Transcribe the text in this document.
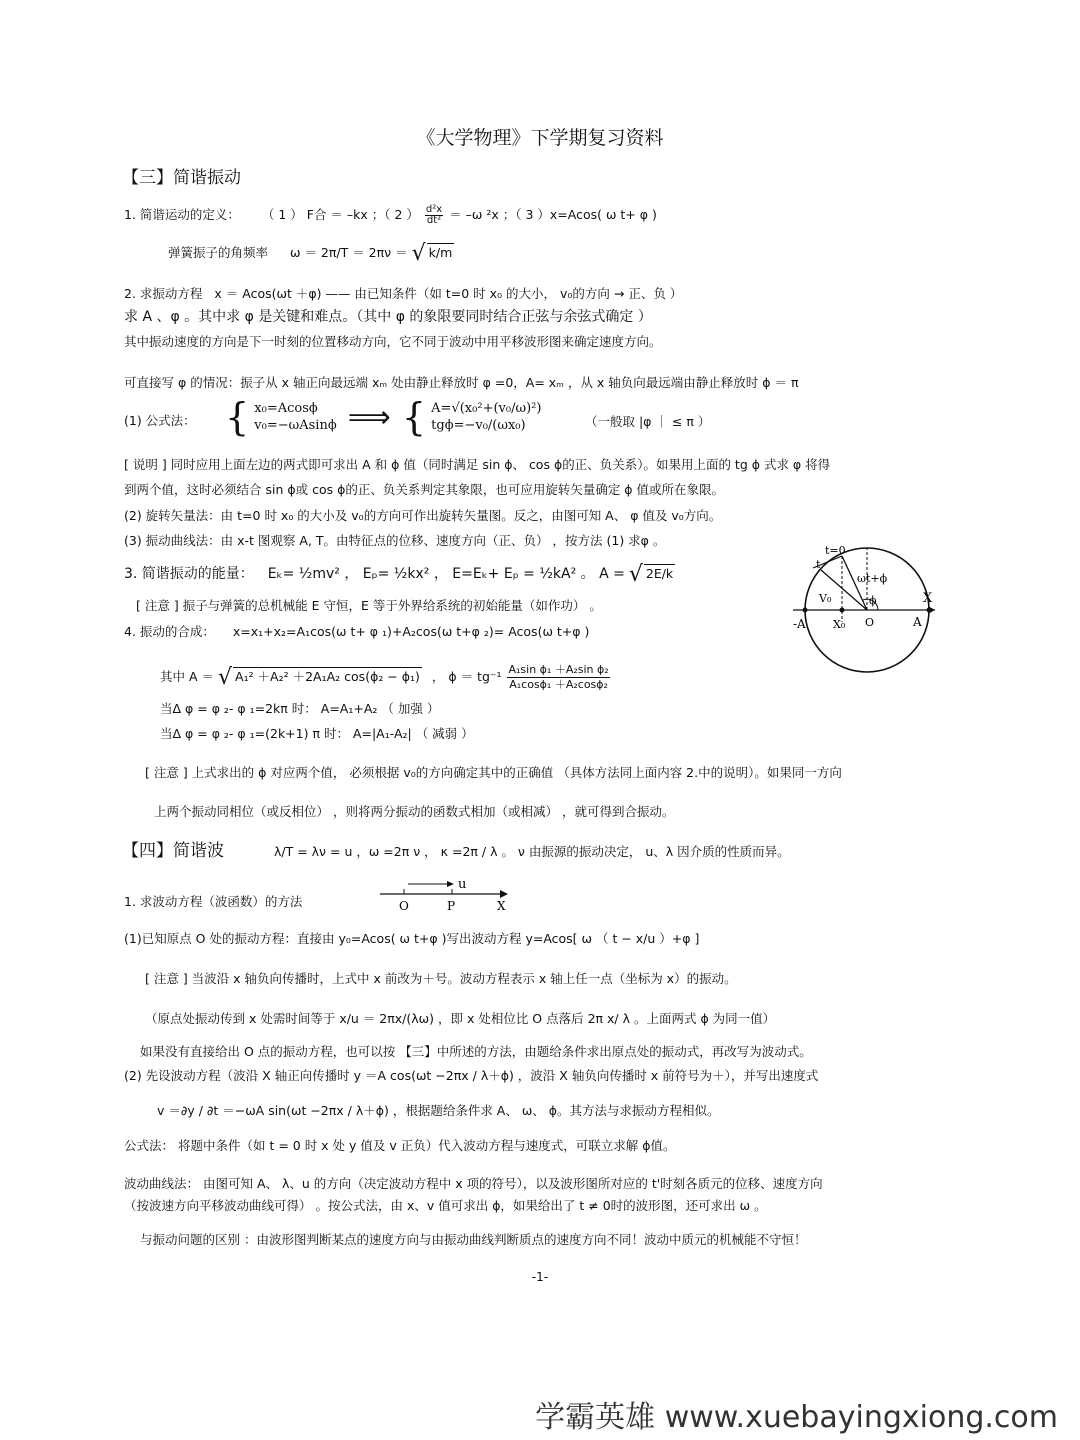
《大学物理》下学期复习资料
【三】简谐振动
1. 简谐运动的定义： （ 1 ） F合 ＝ –kx ；（ 2 ） $\frac{\text{d²x}}{\text{dt²}} = -\omega$ ²x ；（ 3 ）x=Acos( ω t+ φ )
弹簧振子的角频率 ω ＝ 2π/T ＝ 2πν ＝ √ k/m
2. 求振动方程 x ＝ Acos(ωt ＋φ) —— 由已知条件（如 t=0 时 x₀ 的大小， v₀的方向 → 正、负 ）
求 A 、φ 。其中求 φ 是关键和难点。（其中 φ 的象限要同时结合正弦与余弦式确定 ）
其中振动速度的方向是下一时刻的位置移动方向，它不同于波动中用平移波形图来确定速度方向。
可直接写 φ 的情况：振子从 x 轴正向最远端 xₘ 处由静止释放时 φ =0，A= xₘ ，从 x 轴负向最远端由静止释放时 ϕ ＝ π
(1) 公式法： { x₀=Acosϕ
v₀=−ωAsinϕ ⟹ { A=√(x₀²+(v₀/ω)²)
tgϕ=−v₀/(ωx₀)	（一般取 |φ ｜ ≤ π ）
[ 说明 ] 同时应用上面左边的两式即可求出 A 和 ϕ 值（同时满足 sin ϕ、 cos ϕ的正、负关系）。如果用上面的 tg ϕ 式求 φ 将得
到两个值，这时必须结合 sin ϕ或 cos ϕ的正、负关系判定其象限，也可应用旋转矢量确定 ϕ 值或所在象限。
(2) 旋转矢量法：由 t=0 时 x₀ 的大小及 v₀的方向可作出旋转矢量图。反之，由图可知 A、 φ 值及 v₀方向。
(3) 振动曲线法：由 x-t 图观察 A, T。由特征点的位移、速度方向（正、负） ，按方法 (1) 求φ 。
3. 简谐振动的能量： Eₖ= ½mv² ， Eₚ= ½kx² ， E=Eₖ+ Eₚ = ½kA² 。 A = √ 2E/k
[ 注意 ] 振子与弹簧的总机械能 E 守恒，E 等于外界给系统的初始能量（如作功） 。
4. 振动的合成： x=x₁+x₂=A₁cos(ω t+ φ ₁)+A₂cos(ω t+φ ₂)= Acos(ω t+φ )
其中 A ＝ √ A₁² ＋A₂² ＋2A₁A₂ cos(ϕ₂ − ϕ₁) ， $\phi = tg^{-1} \frac{\text{A₁sin ϕ₁ ＋A₂sin ϕ₂}}{\text{A₁cosϕ₁ ＋A₂cosϕ₂}}$
当Δ φ = φ ₂- φ ₁=2kπ 时： A=A₁+A₂ （ 加强 ）
当Δ φ = φ ₂- φ ₁=(2k+1) π 时： A=|A₁-A₂| （ 减弱 ）
[ 注意 ] 上式求出的 ϕ 对应两个值， 必须根据 v₀的方向确定其中的正确值 （具体方法同上面内容 2.中的说明）。如果同一方向
上两个振动同相位（或反相位） ，则将两分振动的函数式相加（或相减） ，就可得到合振动。
t=0
t
ωt+ϕ
ϕ	X
V₀
-A X₀ O	A
【四】简谐波	λ/T = λν = u ，ω =2π ν ， κ =2π / λ 。 ν 由振源的振动决定， u、λ 因介质的性质而异。
1. 求波动方程（波函数）的方法
u
O	P	X
(1)已知原点 O 处的振动方程：直接由 y₀=Acos( ω t+φ )写出波动方程 y=Acos[ ω （ t − x/u ）+φ ]
[ 注意 ] 当波沿 x 轴负向传播时，上式中 x 前改为＋号。波动方程表示 x 轴上任一点（坐标为 x）的振动。
（原点处振动传到 x 处需时间等于 x/u ＝ 2πx/(λω) ，即 x 处相位比 O 点落后 2π x/ λ 。上面两式 ϕ 为同一值）
如果没有直接给出 O 点的振动方程，也可以按 【三】中所述的方法，由题给条件求出原点处的振动式，再改写为波动式。
(2) 先设波动方程（波沿 X 轴正向传播时 y ＝A cos(ωt −2πx / λ＋ϕ) ，波沿 X 轴负向传播时 x 前符号为＋），并写出速度式
v ＝∂y / ∂t ＝−ωA sin(ωt −2πx / λ＋ϕ) ，根据题给条件求 A、 ω、 ϕ。其方法与求振动方程相似。
公式法： 将题中条件（如 t = 0 时 x 处 y 值及 v 正负）代入波动方程与速度式，可联立求解 ϕ值。
波动曲线法： 由图可知 A、 λ、u 的方向（决定波动方程中 x 项的符号），以及波形图所对应的 t'时刻各质元的位移、速度方向
（按波速方向平移波动曲线可得） 。按公式法，由 x、v 值可求出 ϕ，如果给出了 t ≠ 0时的波形图，还可求出 ω 。
与振动问题的区别 ：由波形图判断某点的速度方向与由振动曲线判断质点的速度方向不同！波动中质元的机械能不守恒！
-1-
学霸英雄 www.xuebayingxiong.com
